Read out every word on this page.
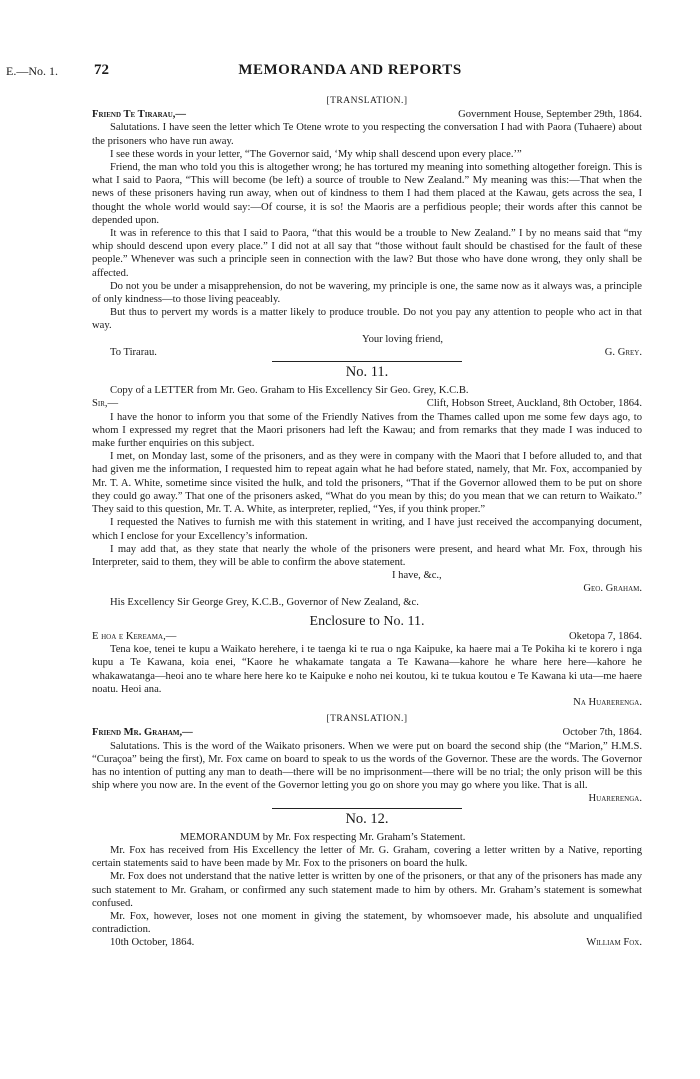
E.—No. 1. 72	MEMORANDA AND REPORTS

[TRANSLATION.]

Friend Te Tirarau,—	Government House, September 29th, 1864.

Salutations. I have seen the letter which Te Otene wrote to you respecting the conversation I had with Paora (Tuhaere) about the prisoners who have run away.

I see these words in your letter, “The Governor said, ‘My whip shall descend upon every place.’”

Friend, the man who told you this is altogether wrong; he has tortured my meaning into something altogether foreign. This is what I said to Paora, “This will become (be left) a source of trouble to New Zealand.” My meaning was this:—That when the news of these prisoners having run away, when out of kindness to them I had them placed at the Kawau, gets across the sea, I thought the whole world would say:—Of course, it is so! the Maoris are a perfidious people; their words after this cannot be depended upon.

It was in reference to this that I said to Paora, “that this would be a trouble to New Zealand.” I by no means said that “my whip should descend upon every place.” I did not at all say that “those without fault should be chastised for the fault of these people.” Whenever was such a principle seen in connection with the law? But those who have done wrong, they only shall be affected.

Do not you be under a misapprehension, do not be wavering, my principle is one, the same now as it always was, a principle of only kindness—to those living peaceably.

But thus to pervert my words is a matter likely to produce trouble. Do not you pay any attention to people who act in that way.

Your loving friend,

To Tirarau.	G. Grey.
No. 11.

Copy of a LETTER from Mr. Geo. Graham to His Excellency Sir Geo. Grey, K.C.B.

Sir,—	Clift, Hobson Street, Auckland, 8th October, 1864.

I have the honor to inform you that some of the Friendly Natives from the Thames called upon me some few days ago, to whom I expressed my regret that the Maori prisoners had left the Kawau; and from remarks that they made I was induced to make further enquiries on this subject.

I met, on Monday last, some of the prisoners, and as they were in company with the Maori that I before alluded to, and that had given me the information, I requested him to repeat again what he had before stated, namely, that Mr. Fox, accompanied by Mr. T. A. White, sometime since visited the hulk, and told the prisoners, “That if the Governor allowed them to be put on shore they could go away.” That one of the prisoners asked, “What do you mean by this; do you mean that we can return to Waikato.” They said to this question, Mr. T. A. White, as interpreter, replied, “Yes, if you think proper.”

I requested the Natives to furnish me with this statement in writing, and I have just received the accompanying document, which I enclose for your Excellency’s information.

I may add that, as they state that nearly the whole of the prisoners were present, and heard what Mr. Fox, through his Interpreter, said to them, they will be able to confirm the above statement.

I have, &c.,

Geo. Graham.

His Excellency Sir George Grey, K.C.B., Governor of New Zealand, &c.

Enclosure to No. 11.
E hoa e Kereama,—	Oketopa 7, 1864.

Tena koe, tenei te kupu a Waikato herehere, i te taenga ki te rua o nga Kaipuke, ka haere mai a Te Pokiha ki te korero i nga kupu a Te Kawana, koia enei, “Kaore he whakamate tangata a Te Kawana—kahore he whare here here—kahore he whakawatanga—heoi ano te whare here here ko te Kaipuke e noho nei koutou, ki te tukua koutou e Te Kawana ki uta—me haere noatu. Heoi ana.

Na Huarerenga.

[TRANSLATION.]

Friend Mr. Graham,—	October 7th, 1864.

Salutations. This is the word of the Waikato prisoners. When we were put on board the second ship (the “Marion,” H.M.S. “Curaçoa” being the first), Mr. Fox came on board to speak to us the words of the Governor. These are the words. The Governor has no intention of putting any man to death—there will be no imprisonment—there will be no trial; the only prison will be this ship where you now are. In the event of the Governor letting you go on shore you may go where you like. That is all.

Huarerenga.

No. 12.

MEMORANDUM by Mr. Fox respecting Mr. Graham’s Statement.

Mr. Fox has received from His Excellency the letter of Mr. G. Graham, covering a letter written by a Native, reporting certain statements said to have been made by Mr. Fox to the prisoners on board the hulk.

Mr. Fox does not understand that the native letter is written by one of the prisoners, or that any of the prisoners has made any such statement to Mr. Graham, or confirmed any such statement made to him by others. Mr. Graham’s statement is somewhat confused.

Mr. Fox, however, loses not one moment in giving the statement, by whomsoever made, his absolute and unqualified contradiction.

10th October, 1864.	William Fox.
